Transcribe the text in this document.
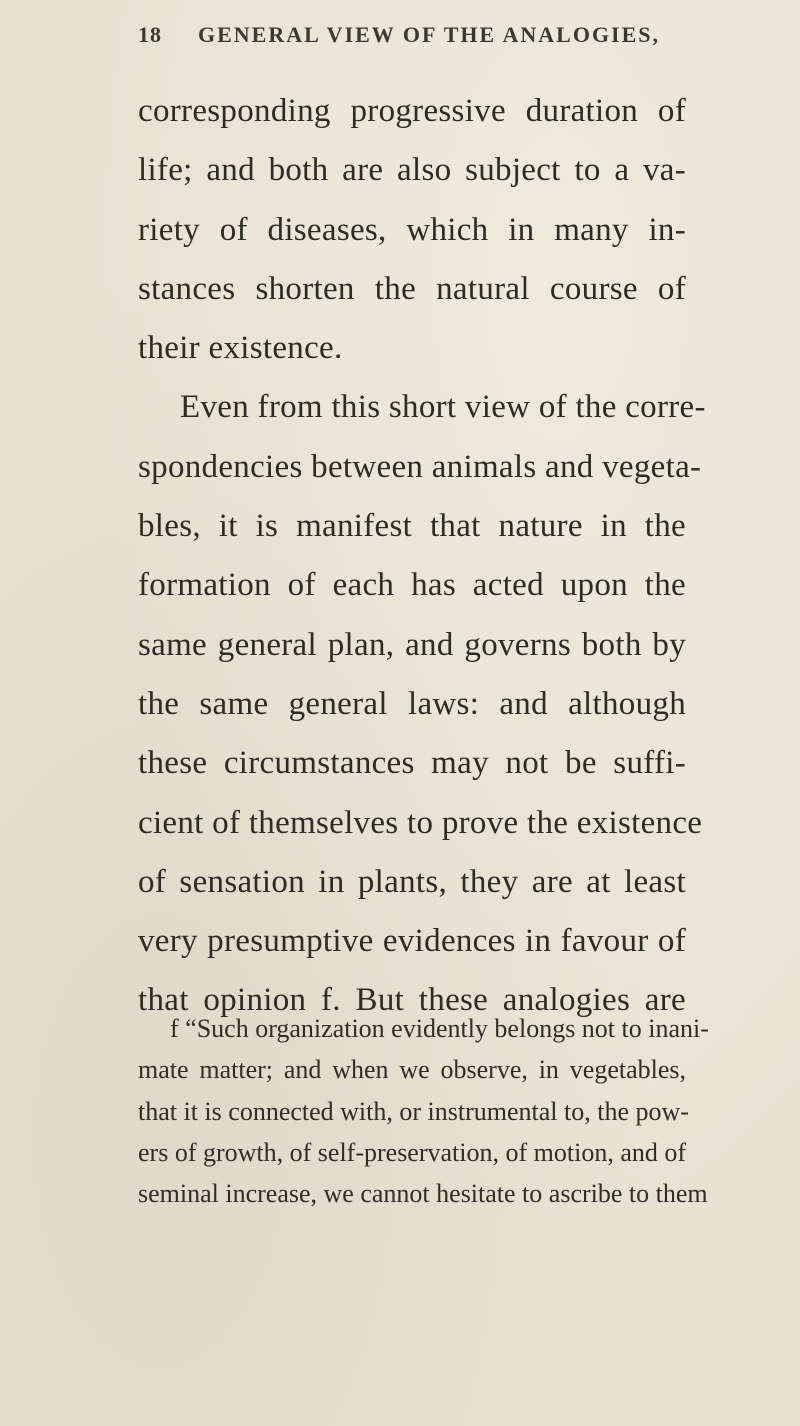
18	GENERAL VIEW OF THE ANALOGIES,
corresponding progressive duration of
life; and both are also subject to a va-
riety of diseases, which in many in-
stances shorten the natural course of
their existence.
Even from this short view of the corre-
spondencies between animals and vegeta-
bles, it is manifest that nature in the
formation of each has acted upon the
same general plan, and governs both by
the same general laws: and although
these circumstances may not be suffi-
cient of themselves to prove the existence
of sensation in plants, they are at least
very presumptive evidences in favour of
that opinion f. But these analogies are
f “Such organization evidently belongs not to inani-
mate matter; and when we observe, in vegetables,
that it is connected with, or instrumental to, the pow-
ers of growth, of self-preservation, of motion, and of
seminal increase, we cannot hesitate to ascribe to them
